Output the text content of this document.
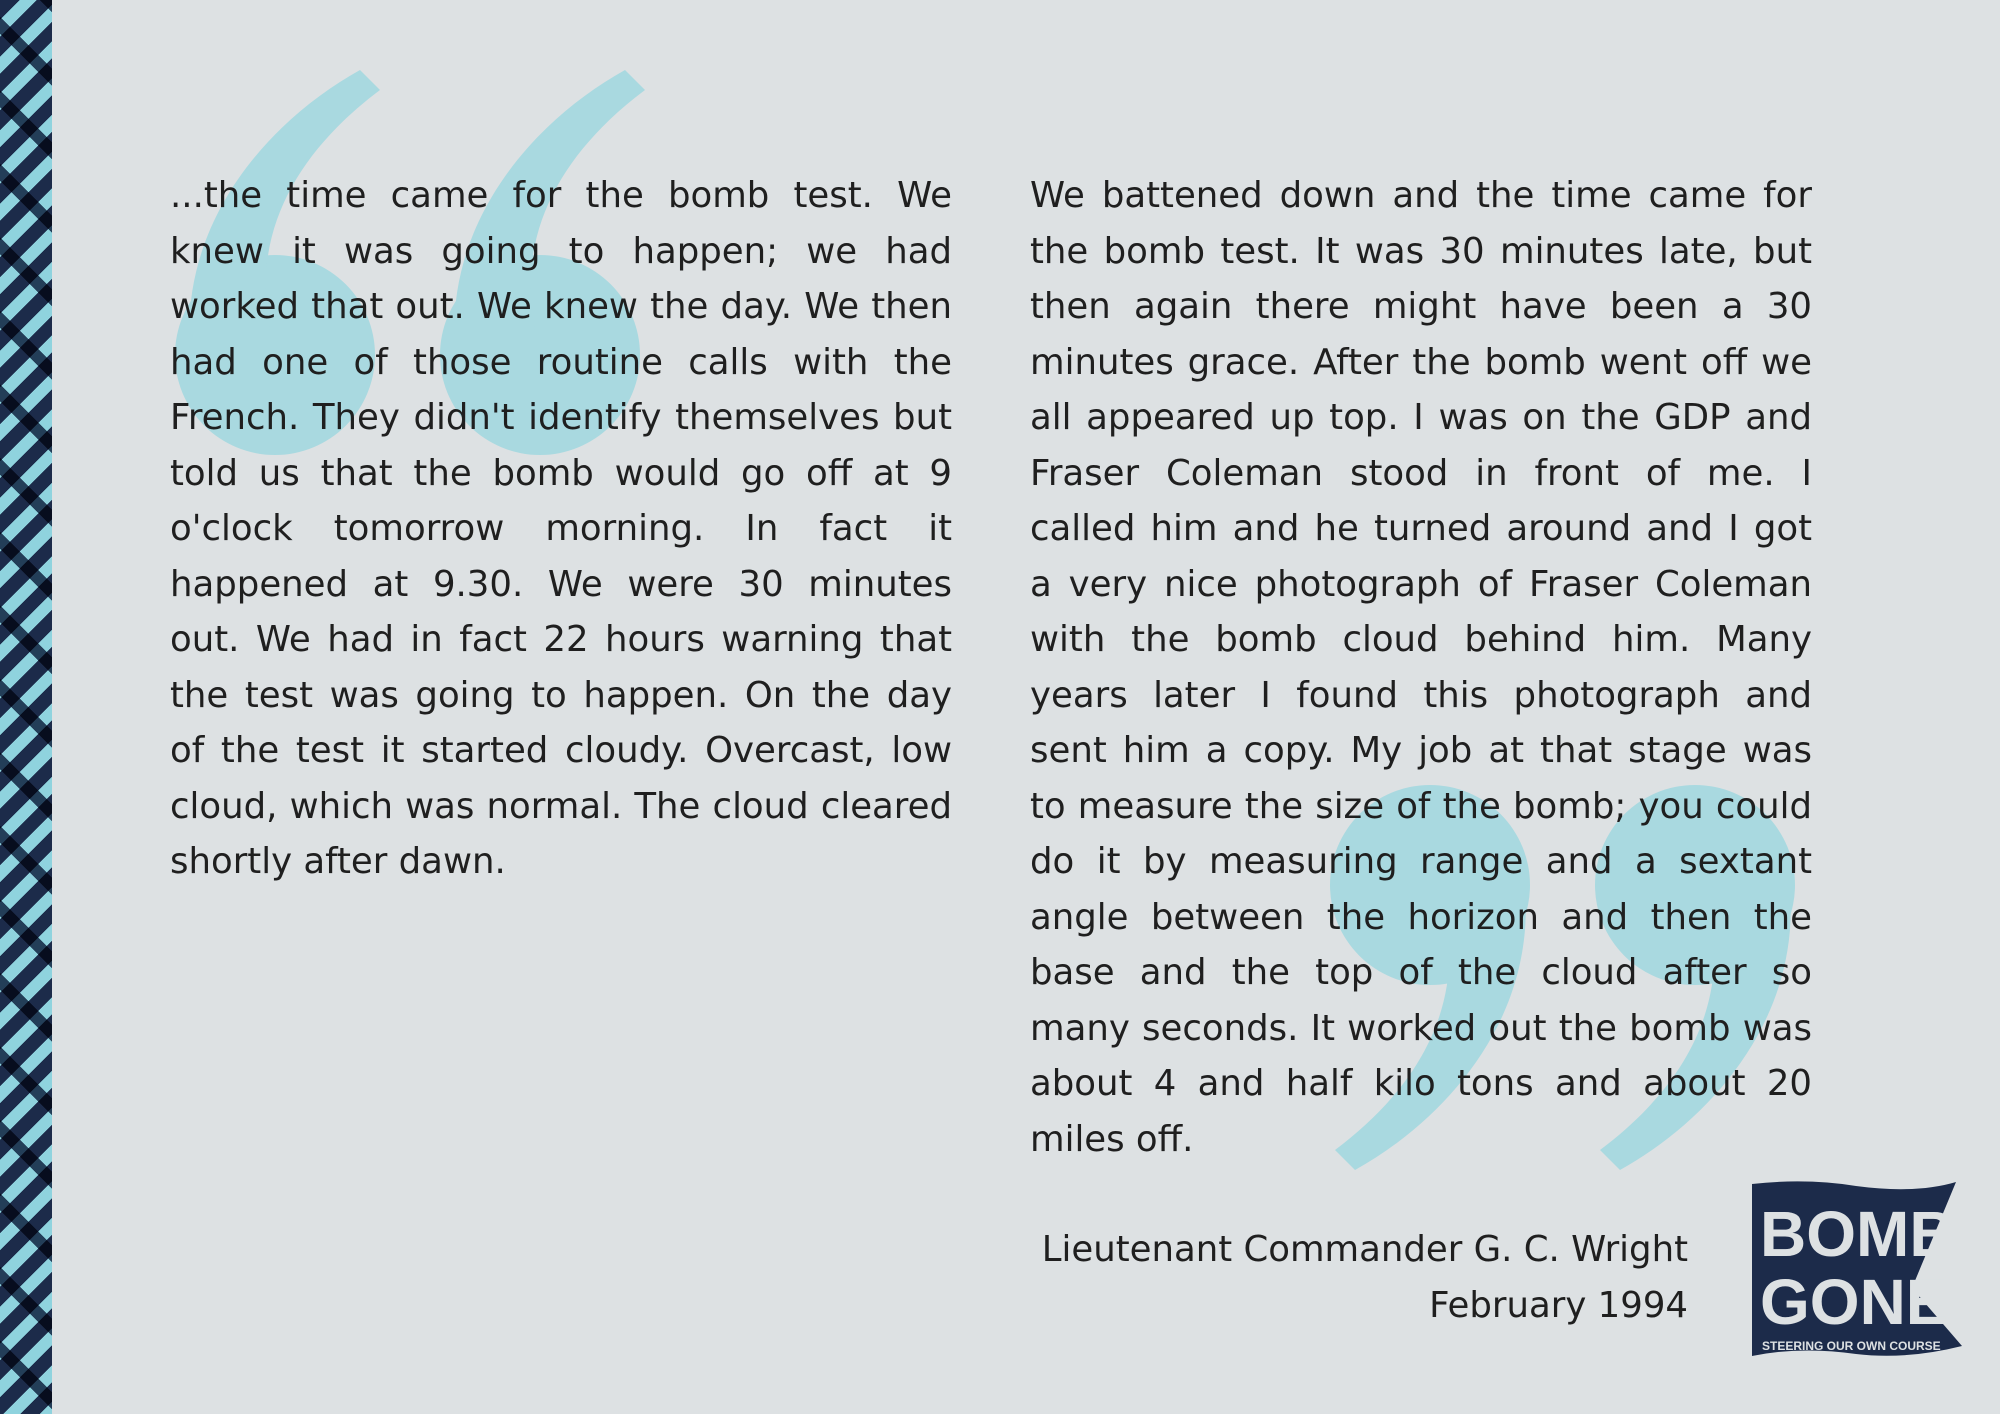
...the time came for the bomb test. We knew it was going to happen; we had worked that out. We knew the day. We then had one of those routine calls with the French. They didn't identify themselves but told us that the bomb would go off at 9 o'clock tomorrow morning. In fact it happened at 9.30. We were 30 minutes out. We had in fact 22 hours warning that the test was going to happen. On the day of the test it started cloudy. Overcast, low cloud, which was normal. The cloud cleared shortly after dawn.

We battened down and the time came for the bomb test. It was 30 minutes late, but then again there might have been a 30 minutes grace. After the bomb went off we all appeared up top. I was on the GDP and Fraser Coleman stood in front of me. I called him and he turned around and I got a very nice photograph of Fraser Coleman with the bomb cloud behind him. Many years later I found this photograph and sent him a copy. My job at that stage was to measure the size of the bomb; you could do it by measuring range and a sextant angle between the horizon and then the base and the top of the cloud after so many seconds. It worked out the bomb was about 4 and half kilo tons and about 20 miles off.

Lieutenant Commander G. C. Wright
February 1994
BOMB
GONE
STEERING OUR OWN COURSE
